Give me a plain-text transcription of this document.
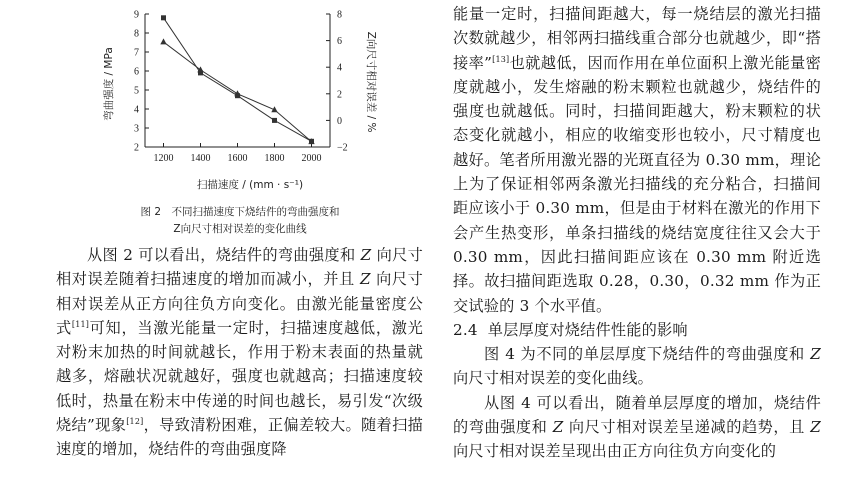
2
3
4
5
6
7
8
9
−2
0
2
4
6
8
1200 1400 1600 1800 2000
弯曲强度 / MPa	Z向尺寸相对误差 / %
扫描速度 / (mm · s⁻¹)
图 2　不同扫描速度下烧结件的弯曲强度和
Z向尺寸相对误差的变化曲线

从图 2 可以看出，烧结件的弯曲强度和 Z 向尺寸相对误差随着扫描速度的增加而减小，并且 Z 向尺寸相对误差从正方向往负方向变化。由激光能量密度公式[11]可知，当激光能量一定时，扫描速度越低，激光对粉末加热的时间就越长，作用于粉末表面的热量就越多，熔融状况就越好，强度也就越高；扫描速度较低时，热量在粉末中传递的时间也越长，易引发“次级烧结”现象[12]，导致清粉困难，正偏差较大。随着扫描速度的增加，烧结件的弯曲强度降

能量一定时，扫描间距越大，每一烧结层的激光扫描次数就越少，相邻两扫描线重合部分也就越少，即“搭接率”[13]也就越低，因而作用在单位面积上激光能量密度就越小，发生熔融的粉末颗粒也就越少，烧结件的强度也就越低。同时，扫描间距越大，粉末颗粒的状态变化就越小，相应的收缩变形也较小，尺寸精度也越好。笔者所用激光器的光斑直径为 0.30 mm，理论上为了保证相邻两条激光扫描线的充分粘合，扫描间距应该小于 0.30 mm，但是由于材料在激光的作用下会产生热变形，单条扫描线的烧结宽度往往又会大于 0.30 mm，因此扫描间距应该在 0.30 mm 附近选择。故扫描间距选取 0.28，0.30，0.32 mm 作为正交试验的 3 个水平值。

2.4 单层厚度对烧结件性能的影响

图 4 为不同的单层厚度下烧结件的弯曲强度和 Z 向尺寸相对误差的变化曲线。

从图 4 可以看出，随着单层厚度的增加，烧结件的弯曲强度和 Z 向尺寸相对误差呈递减的趋势，且 Z 向尺寸相对误差呈现出由正方向往负方向变化的
